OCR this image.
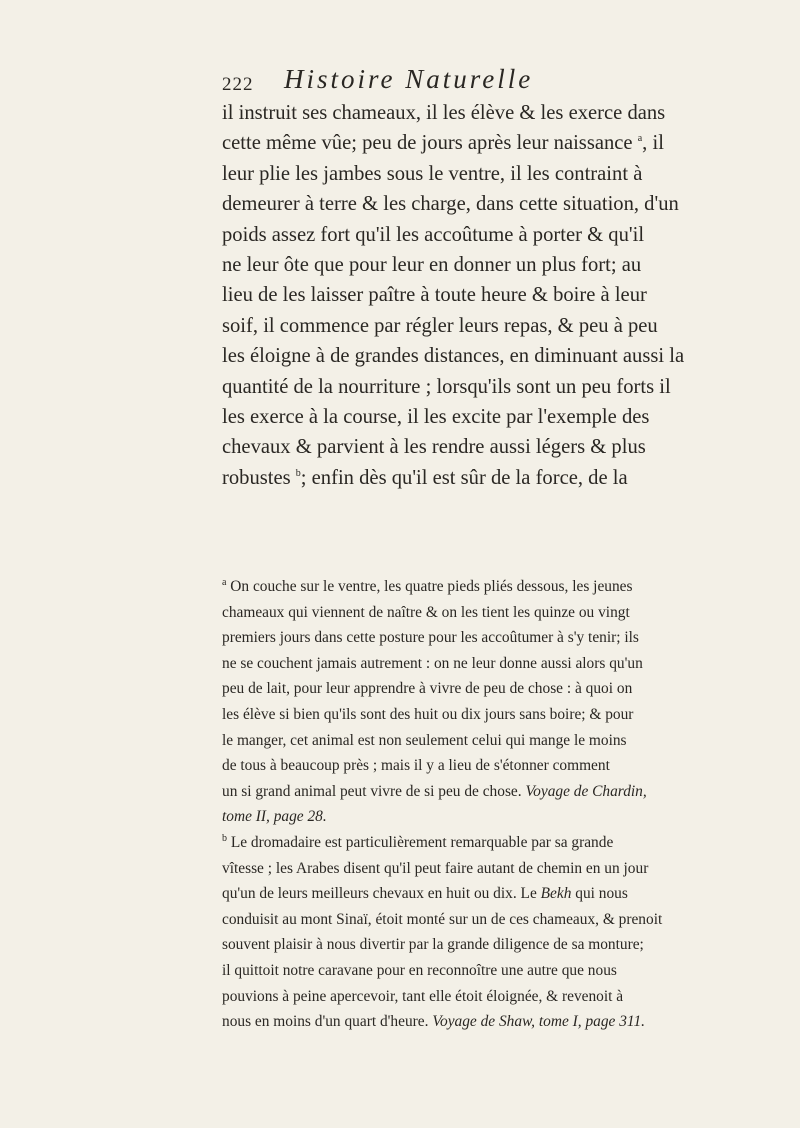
222 Histoire Naturelle
il instruit ses chameaux, il les élève & les exerce dans
cette même vûe; peu de jours après leur naissance $^a$, il
leur plie les jambes sous le ventre, il les contraint à
demeurer à terre & les charge, dans cette situation, d'un
poids assez fort qu'il les accoûtume à porter & qu'il
ne leur ôte que pour leur en donner un plus fort; au
lieu de les laisser paître à toute heure & boire à leur
soif, il commence par régler leurs repas, & peu à peu
les éloigne à de grandes distances, en diminuant aussi la
quantité de la nourriture ; lorsqu'ils sont un peu forts il
les exerce à la course, il les excite par l'exemple des
chevaux & parvient à les rendre aussi légers & plus
robustes $^b$; enfin dès qu'il est sûr de la force, de la
$^a$ On couche sur le ventre, les quatre pieds pliés dessous, les jeunes
chameaux qui viennent de naître & on les tient les quinze ou vingt
premiers jours dans cette posture pour les accoûtumer à s'y tenir; ils
ne se couchent jamais autrement : on ne leur donne aussi alors qu'un
peu de lait, pour leur apprendre à vivre de peu de chose : à quoi on
les élève si bien qu'ils sont des huit ou dix jours sans boire; & pour
le manger, cet animal est non seulement celui qui mange le moins
de tous à beaucoup près ; mais il y a lieu de s'étonner comment
un si grand animal peut vivre de si peu de chose. Voyage de Chardin,
tome II, page 28.
$^b$ Le dromadaire est particulièrement remarquable par sa grande
vîtesse ; les Arabes disent qu'il peut faire autant de chemin en un jour
qu'un de leurs meilleurs chevaux en huit ou dix. Le Bekh qui nous
conduisit au mont Sinaï, étoit monté sur un de ces chameaux, & prenoit
souvent plaisir à nous divertir par la grande diligence de sa monture;
il quittoit notre caravane pour en reconnoître une autre que nous
pouvions à peine apercevoir, tant elle étoit éloignée, & revenoit à
nous en moins d'un quart d'heure. Voyage de Shaw, tome I, page 311.
